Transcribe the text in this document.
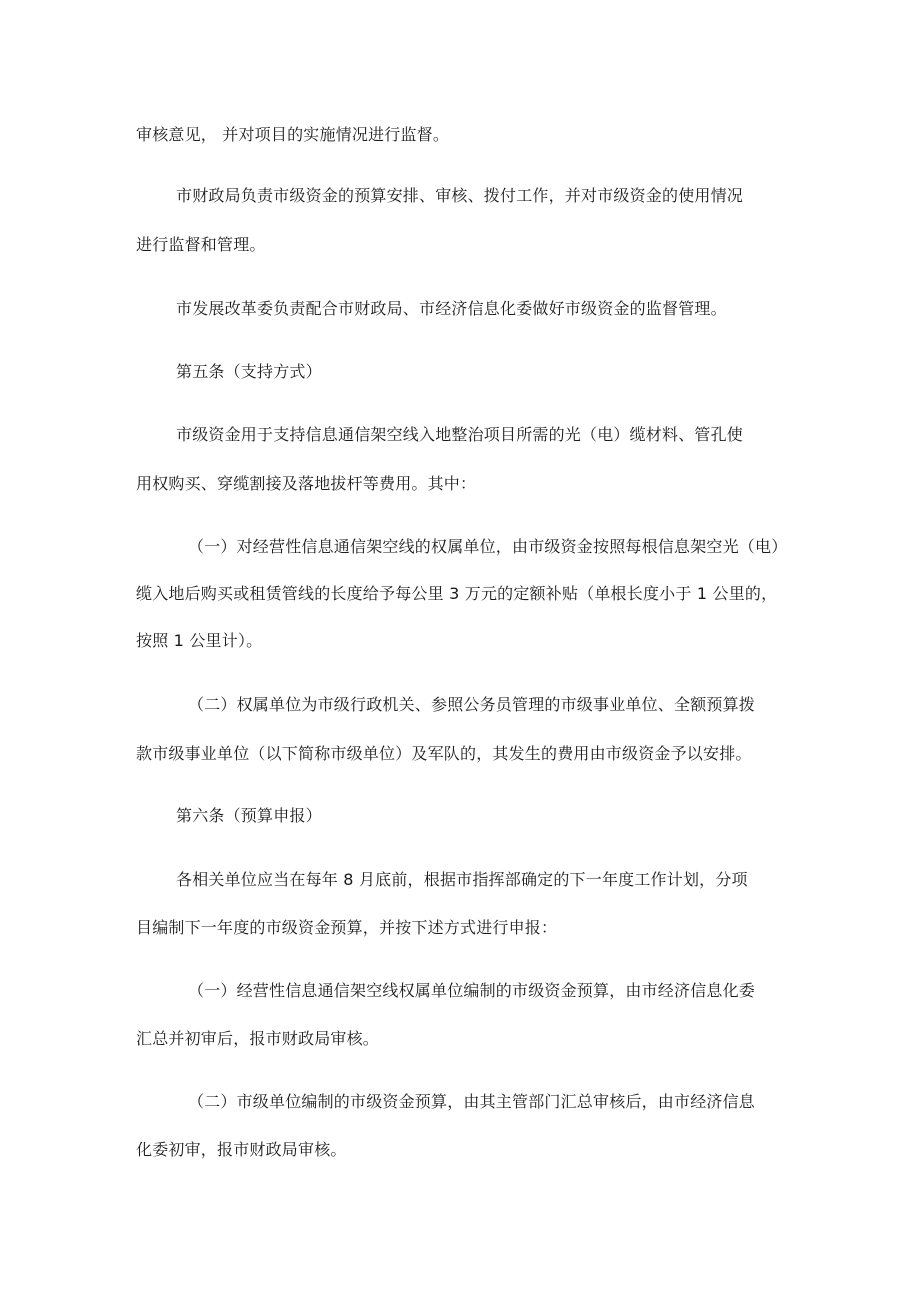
审核意见， 并对项目的实施情况进行监督。
市财政局负责市级资金的预算安排、审核、拨付工作，并对市级资金的使用情况
进行监督和管理。
市发展改革委负责配合市财政局、市经济信息化委做好市级资金的监督管理。
第五条（支持方式）
市级资金用于支持信息通信架空线入地整治项目所需的光（电）缆材料、管孔使
用权购买、穿缆割接及落地拔杆等费用。其中：
（一）对经营性信息通信架空线的权属单位，由市级资金按照每根信息架空光（电）
缆入地后购买或租赁管线的长度给予每公里 3 万元的定额补贴（单根长度小于 1 公里的，
按照 1 公里计）。
（二）权属单位为市级行政机关、参照公务员管理的市级事业单位、全额预算拨
款市级事业单位（以下简称市级单位）及军队的，其发生的费用由市级资金予以安排。
第六条（预算申报）
各相关单位应当在每年 8 月底前，根据市指挥部确定的下一年度工作计划，分项
目编制下一年度的市级资金预算，并按下述方式进行申报：
（一）经营性信息通信架空线权属单位编制的市级资金预算，由市经济信息化委
汇总并初审后，报市财政局审核。
（二）市级单位编制的市级资金预算，由其主管部门汇总审核后，由市经济信息
化委初审，报市财政局审核。
